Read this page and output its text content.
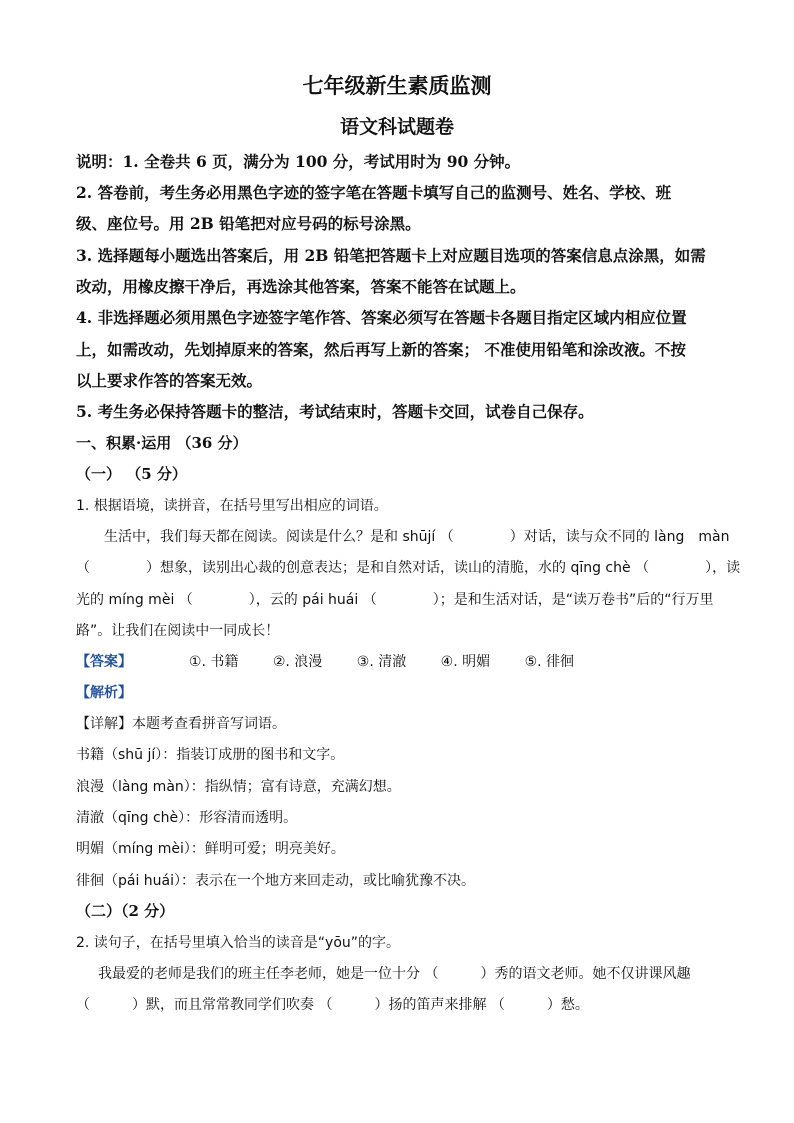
七年级新生素质监测
语文科试题卷
说明：1. 全卷共 6 页，满分为 100 分，考试用时为 90 分钟。
2. 答卷前，考生务必用黑色字迹的签字笔在答题卡填写自己的监测号、姓名、学校、班
级、座位号。用 2B 铅笔把对应号码的标号涂黑。
3. 选择题每小题选出答案后，用 2B 铅笔把答题卡上对应题目选项的答案信息点涂黑，如需
改动，用橡皮擦干净后，再选涂其他答案，答案不能答在试题上。
4. 非选择题必须用黑色字迹签字笔作答、答案必须写在答题卡各题目指定区域内相应位置
上，如需改动，先划掉原来的答案，然后再写上新的答案； 不准使用铅笔和涂改液。不按
以上要求作答的答案无效。
5. 考生务必保持答题卡的整洁，考试结束时，答题卡交回，试卷自己保存。
一、积累·运用 （36 分）
（一） （5 分）
1. 根据语境，读拼音，在括号里写出相应的词语。
生活中，我们每天都在阅读。阅读是什么？是和 shūjí （　　　　）对话，读与众不同的 làng　màn
（　　　　）想象，读别出心裁的创意表达；是和自然对话，读山的清脆，水的 qīng chè （　　　　），读
光的 míng mèi （　　　　），云的 pái huái （　　　　）；是和生活对话，是“读万卷书”后的“行万里
路”。让我们在阅读中一同成长！
【答案】	①. 书籍 ②. 浪漫 ③. 清澈 ④. 明媚 ⑤. 徘徊
【解析】
【详解】本题考查看拼音写词语。
书籍（shū jí）：指装订成册的图书和文字。
浪漫（làng màn）：指纵情；富有诗意，充满幻想。
清澈（qīng chè）：形容清而透明。
明媚（míng mèi）：鲜明可爱；明亮美好。
徘徊（pái huái）：表示在一个地方来回走动，或比喻犹豫不决。
（二）（2 分）
2. 读句子，在括号里填入恰当的读音是“yōu”的字。
我最爱的老师是我们的班主任李老师，她是一位十分 （　　　）秀的语文老师。她不仅讲课风趣
（　　　）默，而且常常教同学们吹奏 （　　　）扬的笛声来排解 （　　　）愁。
